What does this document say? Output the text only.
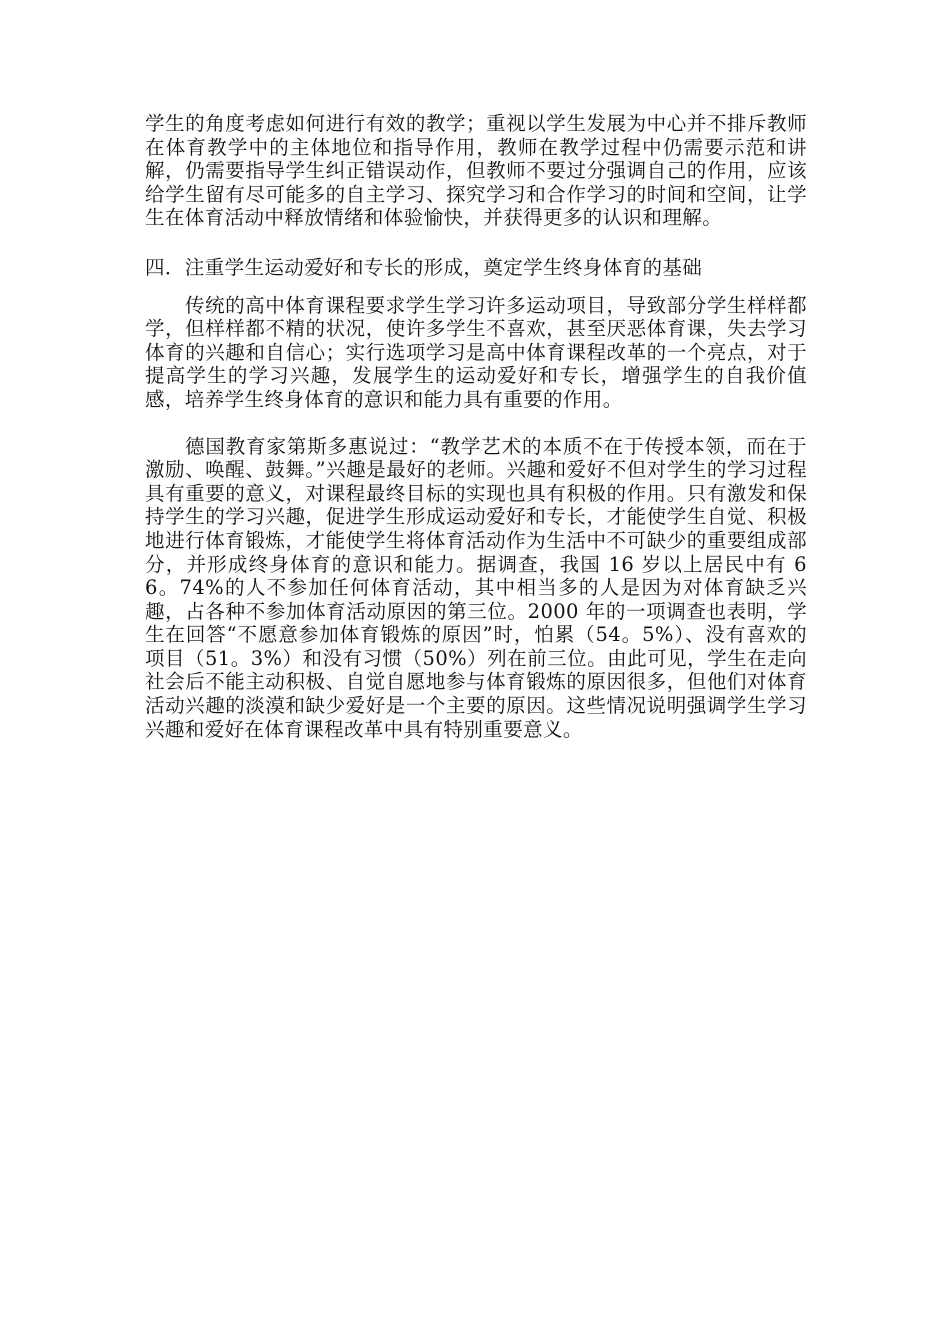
学生的角度考虑如何进行有效的教学；重视以学生发展为中心并不排斥教师在体育教学中的主体地位和指导作用，教师在教学过程中仍需要示范和讲解，仍需要指导学生纠正错误动作，但教师不要过分强调自己的作用，应该给学生留有尽可能多的自主学习、探究学习和合作学习的时间和空间，让学生在体育活动中释放情绪和体验愉快，并获得更多的认识和理解。

四．注重学生运动爱好和专长的形成，奠定学生终身体育的基础

传统的高中体育课程要求学生学习许多运动项目，导致部分学生样样都学，但样样都不精的状况，使许多学生不喜欢，甚至厌恶体育课，失去学习体育的兴趣和自信心；实行选项学习是高中体育课程改革的一个亮点，对于提高学生的学习兴趣，发展学生的运动爱好和专长，增强学生的自我价值感，培养学生终身体育的意识和能力具有重要的作用。

德国教育家第斯多惠说过：“教学艺术的本质不在于传授本领，而在于激励、唤醒、鼓舞。”兴趣是最好的老师。兴趣和爱好不但对学生的学习过程具有重要的意义，对课程最终目标的实现也具有积极的作用。只有激发和保持学生的学习兴趣，促进学生形成运动爱好和专长，才能使学生自觉、积极地进行体育锻炼，才能使学生将体育活动作为生活中不可缺少的重要组成部分，并形成终身体育的意识和能力。据调查，我国 16 岁以上居民中有 66。74%的人不参加任何体育活动，其中相当多的人是因为对体育缺乏兴趣，占各种不参加体育活动原因的第三位。2000 年的一项调查也表明，学生在回答“不愿意参加体育锻炼的原因”时，怕累（54。5%）、没有喜欢的项目（51。3%）和没有习惯（50%）列在前三位。由此可见，学生在走向社会后不能主动积极、自觉自愿地参与体育锻炼的原因很多，但他们对体育活动兴趣的淡漠和缺少爱好是一个主要的原因。这些情况说明强调学生学习兴趣和爱好在体育课程改革中具有特别重要意义。
